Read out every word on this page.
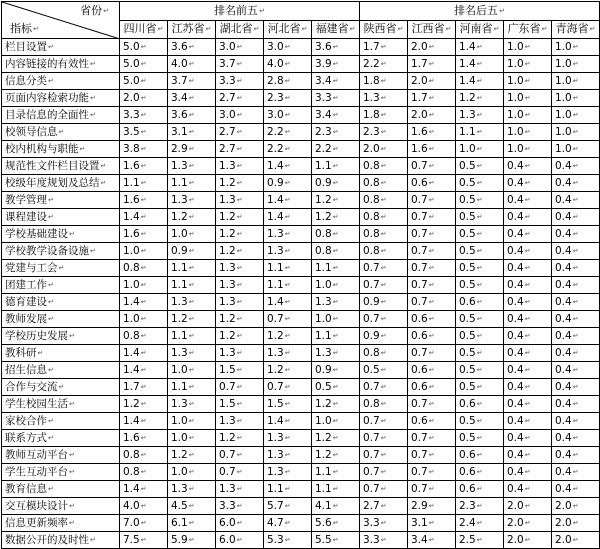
省份 ↵
指标 ↵	排名前五 ↵					排名后五 ↵
	四川省 ↵	江苏省 ↵	湖北省 ↵	河北省 ↵	福建省 ↵	陕西省 ↵	江西省 ↵	河南省 ↵	广东省 ↵	青海省 ↵
栏目设置 ↵	5.0 ↵	3.6 ↵	3.0 ↵	3.0 ↵	3.6 ↵	1.7 ↵	2.0 ↵	1.4 ↵	1.0 ↵	1.0 ↵
内容链接的有效性 ↵	5.0 ↵	4.0 ↵	3.7 ↵	4.0 ↵	3.9 ↵	2.2 ↵	1.7 ↵	1.4 ↵	1.0 ↵	1.0 ↵
信息分类 ↵	5.0 ↵	3.7 ↵	3.3 ↵	2.8 ↵	3.4 ↵	1.8 ↵	2.0 ↵	1.4 ↵	1.0 ↵	1.0 ↵
页面内容检索功能 ↵	2.0 ↵	3.4 ↵	2.7 ↵	2.3 ↵	3.3 ↵	1.3 ↵	1.7 ↵	1.2 ↵	1.0 ↵	1.0 ↵
目录信息的全面性 ↵	3.3 ↵	3.6 ↵	3.0 ↵	3.0 ↵	3.4 ↵	1.8 ↵	2.0 ↵	1.3 ↵	1.0 ↵	1.0 ↵
校领导信息 ↵	3.5 ↵	3.1 ↵	2.7 ↵	2.2 ↵	2.3 ↵	2.3 ↵	1.6 ↵	1.1 ↵	1.0 ↵	1.0 ↵
校内机构与职能 ↵	3.8 ↵	2.9 ↵	2.7 ↵	2.2 ↵	2.2 ↵	2.0 ↵	1.6 ↵	1.0 ↵	1.0 ↵	1.0 ↵
规范性文件栏目设置 ↵	1.6 ↵	1.3 ↵	1.3 ↵	1.4 ↵	1.1 ↵	0.8 ↵	0.7 ↵	0.5 ↵	0.4 ↵	0.4 ↵
校级年度规划及总结 ↵	1.1 ↵	1.1 ↵	1.2 ↵	0.9 ↵	0.9 ↵	0.8 ↵	0.6 ↵	0.5 ↵	0.4 ↵	0.4 ↵
教学管理 ↵	1.6 ↵	1.3 ↵	1.3 ↵	1.4 ↵	1.2 ↵	0.8 ↵	0.7 ↵	0.5 ↵	0.4 ↵	0.4 ↵
课程建设 ↵	1.4 ↵	1.2 ↵	1.2 ↵	1.4 ↵	1.2 ↵	0.8 ↵	0.7 ↵	0.5 ↵	0.4 ↵	0.4 ↵
学校基础建设 ↵	1.6 ↵	1.0 ↵	1.2 ↵	1.3 ↵	0.8 ↵	0.8 ↵	0.7 ↵	0.5 ↵	0.4 ↵	0.4 ↵
学校教学设备设施 ↵	1.0 ↵	0.9 ↵	1.2 ↵	1.3 ↵	0.8 ↵	0.8 ↵	0.7 ↵	0.5 ↵	0.4 ↵	0.4 ↵
党建与工会 ↵	0.8 ↵	1.1 ↵	1.3 ↵	1.1 ↵	1.1 ↵	0.7 ↵	0.7 ↵	0.5 ↵	0.4 ↵	0.4 ↵
团建工作 ↵	1.0 ↵	1.1 ↵	1.3 ↵	1.1 ↵	1.0 ↵	0.7 ↵	0.7 ↵	0.5 ↵	0.4 ↵	0.4 ↵
德育建设 ↵	1.4 ↵	1.3 ↵	1.3 ↵	1.4 ↵	1.3 ↵	0.9 ↵	0.7 ↵	0.6 ↵	0.4 ↵	0.4 ↵
教师发展 ↵	1.0 ↵	1.2 ↵	1.2 ↵	0.7 ↵	1.0 ↵	0.7 ↵	0.6 ↵	0.5 ↵	0.4 ↵	0.4 ↵
学校历史发展 ↵	0.8 ↵	1.1 ↵	1.2 ↵	1.2 ↵	1.1 ↵	0.9 ↵	0.6 ↵	0.5 ↵	0.4 ↵	0.4 ↵
教科研 ↵	1.4 ↵	1.3 ↵	1.3 ↵	1.3 ↵	1.3 ↵	0.8 ↵	0.7 ↵	0.5 ↵	0.4 ↵	0.4 ↵
招生信息 ↵	1.4 ↵	1.0 ↵	1.5 ↵	1.2 ↵	0.9 ↵	0.5 ↵	0.6 ↵	0.5 ↵	0.4 ↵	0.4 ↵
合作与交流 ↵	1.7 ↵	1.1 ↵	0.7 ↵	0.7 ↵	0.5 ↵	0.7 ↵	0.6 ↵	0.5 ↵	0.4 ↵	0.4 ↵
学生校园生活 ↵	1.2 ↵	1.3 ↵	1.5 ↵	1.5 ↵	1.2 ↵	0.8 ↵	0.7 ↵	0.6 ↵	0.4 ↵	0.4 ↵
家校合作 ↵	1.4 ↵	1.0 ↵	1.3 ↵	1.4 ↵	1.0 ↵	0.7 ↵	0.6 ↵	0.5 ↵	0.4 ↵	0.4 ↵
联系方式 ↵	1.6 ↵	1.0 ↵	1.2 ↵	1.3 ↵	1.2 ↵	0.7 ↵	0.7 ↵	0.5 ↵	0.4 ↵	0.4 ↵
教师互动平台 ↵	0.8 ↵	1.2 ↵	0.7 ↵	1.3 ↵	1.2 ↵	0.7 ↵	0.7 ↵	0.6 ↵	0.4 ↵	0.4 ↵
学生互动平台 ↵	0.8 ↵	1.0 ↵	0.7 ↵	1.3 ↵	1.1 ↵	0.7 ↵	0.7 ↵	0.6 ↵	0.4 ↵	0.4 ↵
教育信息 ↵	1.4 ↵	1.3 ↵	1.3 ↵	1.1 ↵	1.1 ↵	0.7 ↵	0.7 ↵	0.6 ↵	0.4 ↵	0.4 ↵
交互模块设计 ↵	4.0 ↵	4.5 ↵	3.3 ↵	5.7 ↵	4.1 ↵	2.7 ↵	2.9 ↵	2.3 ↵	2.0 ↵	2.0 ↵
信息更新频率 ↵	7.0 ↵	6.1 ↵	6.0 ↵	4.7 ↵	5.6 ↵	3.3 ↵	3.1 ↵	2.4 ↵	2.0 ↵	2.0 ↵
数据公开的及时性 ↵	7.5 ↵	5.9 ↵	6.0 ↵	5.3 ↵	5.5 ↵	3.3 ↵	3.4 ↵	2.5 ↵	2.0 ↵	2.0 ↵
